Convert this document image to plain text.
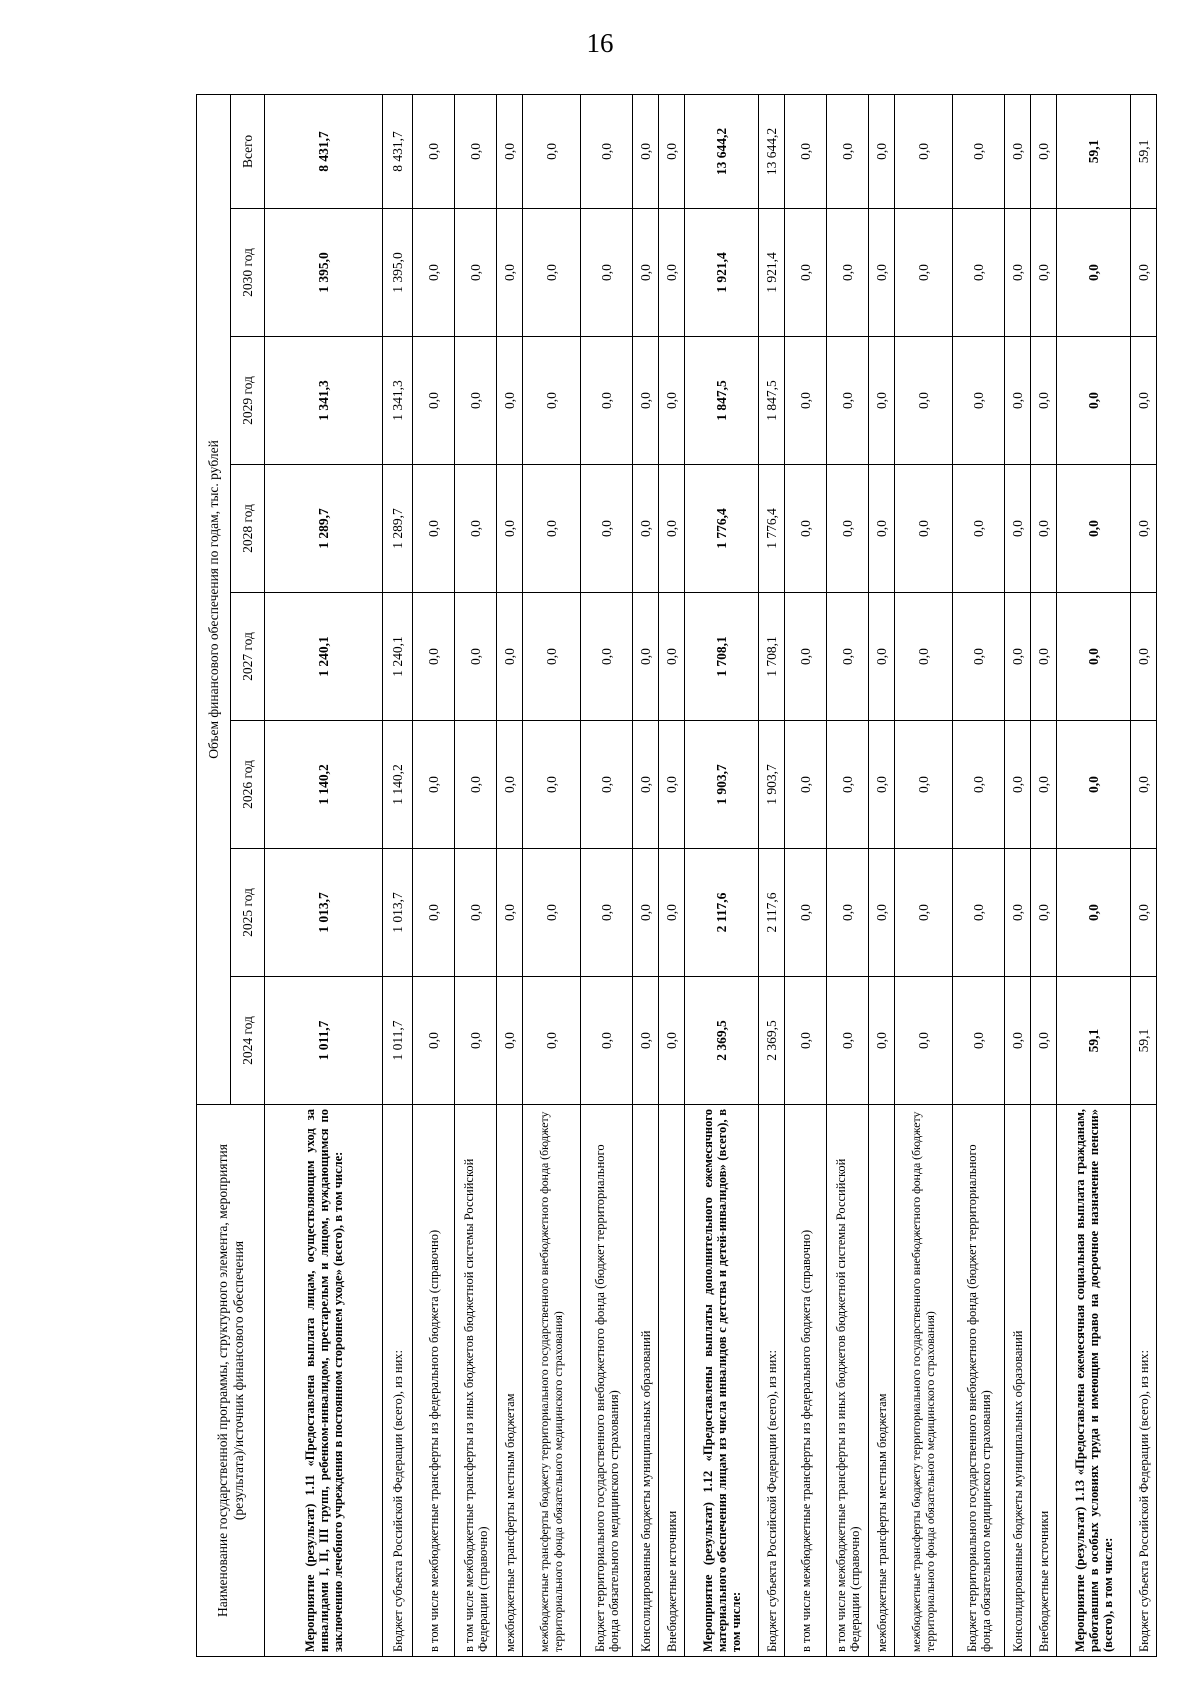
16
Наименование государственной программы, структурного элемента, мероприятия (результата)/источник финансового обеспечения	Объем финансового обеспечения по годам, тыс. рублей							
	2024 год	2025 год	2026 год	2027 год	2028 год	2029 год	2030 год	Всего
Мероприятие (результат) 1.11 «Предоставлена выплата лицам, осуществляющим уход за инвалидами I, II, III групп, ребенком-инвалидом, престарелым и лицом, нуждающимся по заключению лечебного учреждения в постоянном стороннем уходе» (всего), в том числе:	1 011,7	1 013,7	1 140,2	1 240,1	1 289,7	1 341,3	1 395,0	8 431,7
Бюджет субъекта Российской Федерации (всего), из них:	1 011,7	1 013,7	1 140,2	1 240,1	1 289,7	1 341,3	1 395,0	8 431,7
в том числе межбюджетные трансферты из федерального бюджета (справочно)	0,0	0,0	0,0	0,0	0,0	0,0	0,0	0,0
в том числе межбюджетные трансферты из иных бюджетов бюджетной системы Российской Федерации (справочно)	0,0	0,0	0,0	0,0	0,0	0,0	0,0	0,0
межбюджетные трансферты местным бюджетам	0,0	0,0	0,0	0,0	0,0	0,0	0,0	0,0
межбюджетные трансферты бюджету территориального государственного внебюджетного фонда (бюджету территориального фонда обязательного медицинского страхования)	0,0	0,0	0,0	0,0	0,0	0,0	0,0	0,0
Бюджет территориального государственного внебюджетного фонда (бюджет территориального фонда обязательного медицинского страхования)	0,0	0,0	0,0	0,0	0,0	0,0	0,0	0,0
Консолидированные бюджеты муниципальных образований	0,0	0,0	0,0	0,0	0,0	0,0	0,0	0,0
Внебюджетные источники	0,0	0,0	0,0	0,0	0,0	0,0	0,0	0,0
Мероприятие (результат) 1.12 «Предоставлены выплаты дополнительного ежемесячного материального обеспечения лицам из числа инвалидов с детства и детей-инвалидов» (всего), в том числе:	2 369,5	2 117,6	1 903,7	1 708,1	1 776,4	1 847,5	1 921,4	13 644,2
Бюджет субъекта Российской Федерации (всего), из них:	2 369,5	2 117,6	1 903,7	1 708,1	1 776,4	1 847,5	1 921,4	13 644,2
в том числе межбюджетные трансферты из федерального бюджета (справочно)	0,0	0,0	0,0	0,0	0,0	0,0	0,0	0,0
в том числе межбюджетные трансферты из иных бюджетов бюджетной системы Российской Федерации (справочно)	0,0	0,0	0,0	0,0	0,0	0,0	0,0	0,0
межбюджетные трансферты местным бюджетам	0,0	0,0	0,0	0,0	0,0	0,0	0,0	0,0
межбюджетные трансферты бюджету территориального государственного внебюджетного фонда (бюджету территориального фонда обязательного медицинского страхования)	0,0	0,0	0,0	0,0	0,0	0,0	0,0	0,0
Бюджет территориального государственного внебюджетного фонда (бюджет территориального фонда обязательного медицинского страхования)	0,0	0,0	0,0	0,0	0,0	0,0	0,0	0,0
Консолидированные бюджеты муниципальных образований	0,0	0,0	0,0	0,0	0,0	0,0	0,0	0,0
Внебюджетные источники	0,0	0,0	0,0	0,0	0,0	0,0	0,0	0,0
Мероприятие (результат) 1.13 «Предоставлена ежемесячная социальная выплата гражданам, работавшим в особых условиях труда и имеющим право на досрочное назначение пенсии» (всего), в том числе:	59,1	0,0	0,0	0,0	0,0	0,0	0,0	59,1
Бюджет субъекта Российской Федерации (всего), из них:	59,1	0,0	0,0	0,0	0,0	0,0	0,0	59,1
